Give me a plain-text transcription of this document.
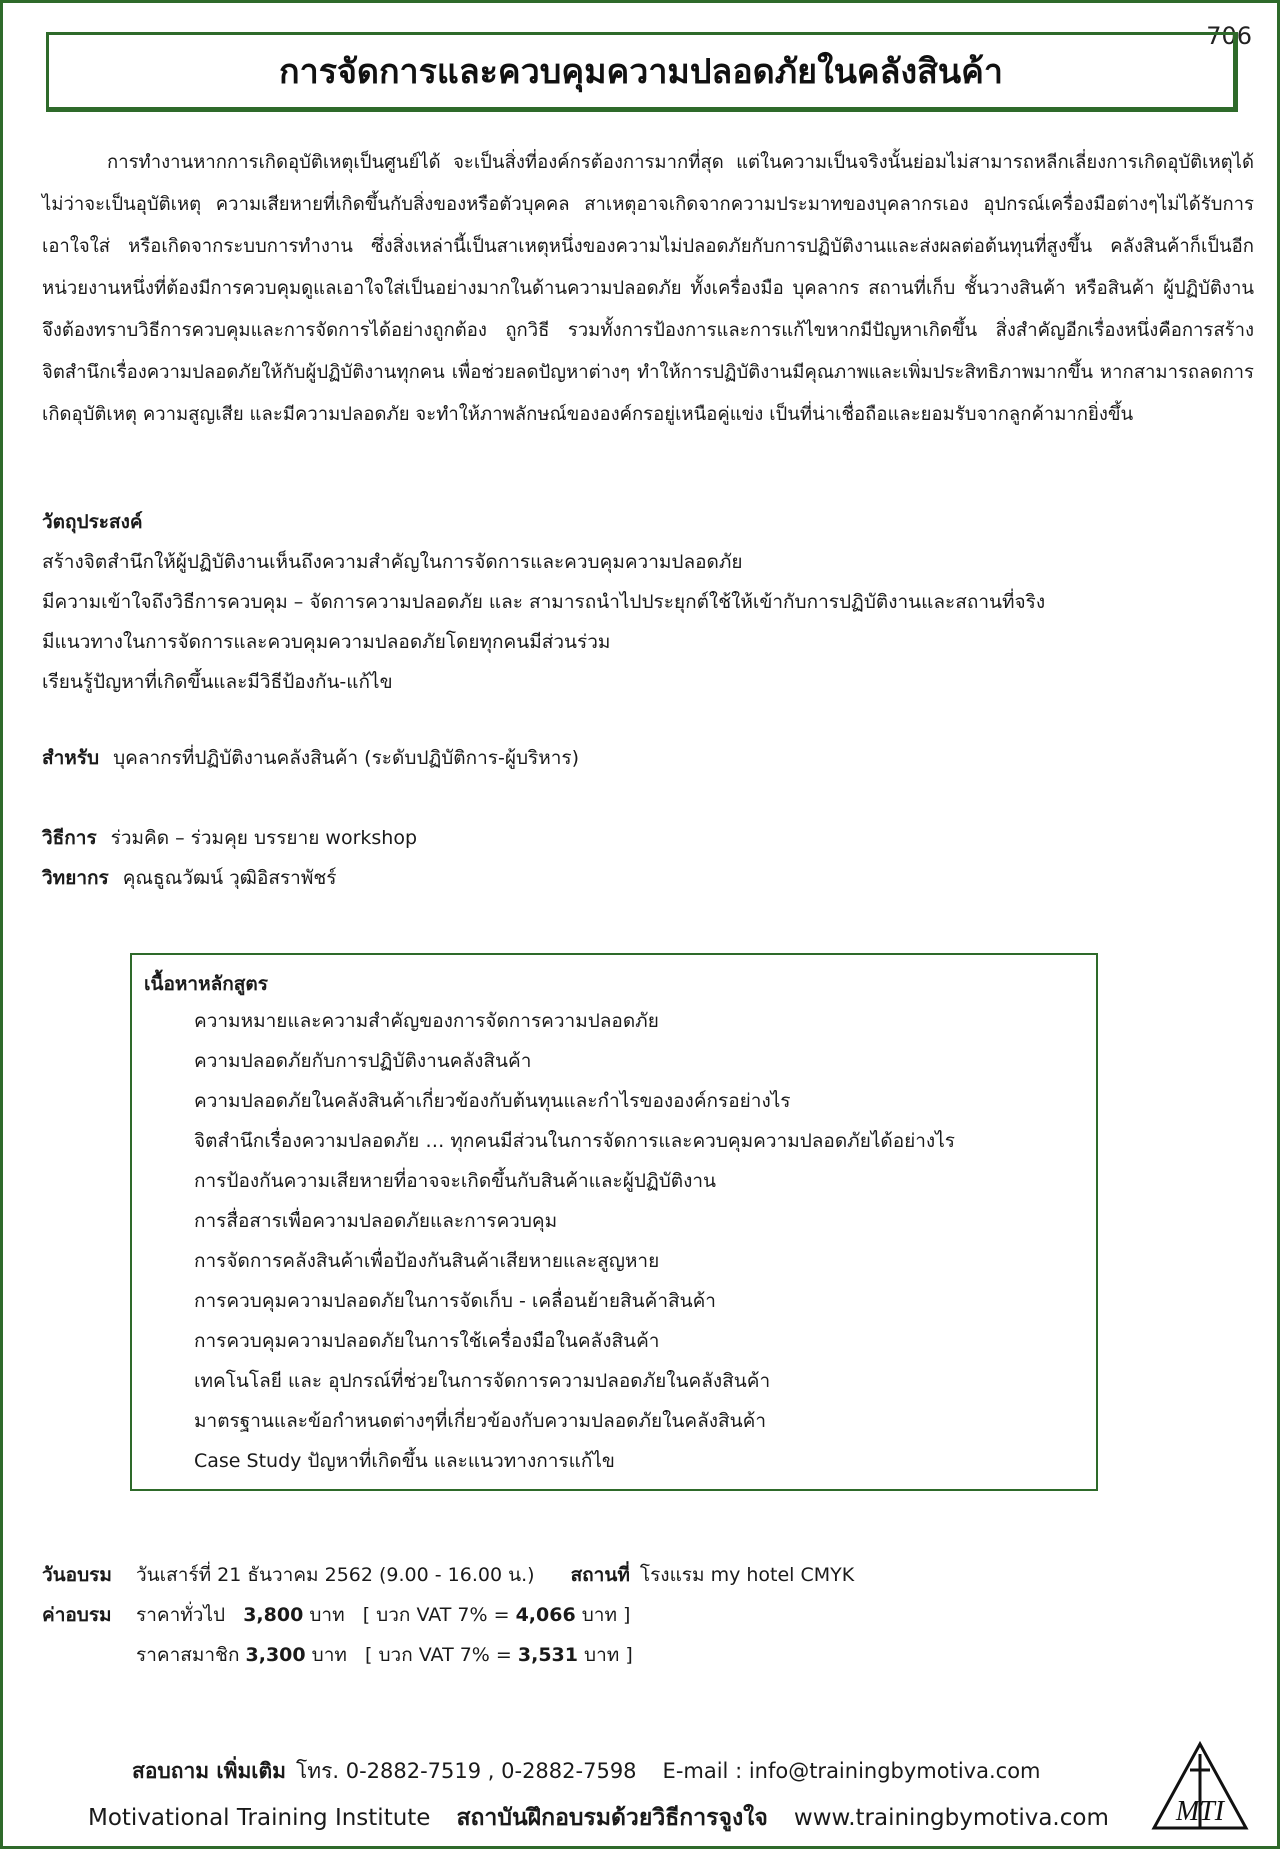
706
การจัดการและควบคุมความปลอดภัยในคลังสินค้า

การทำงานหากการเกิดอุบัติเหตุเป็นศูนย์ได้ จะเป็นสิ่งที่องค์กรต้องการมากที่สุด แต่ในความเป็นจริงนั้นย่อมไม่สามารถหลีกเลี่ยงการเกิดอุบัติเหตุได้ ไม่ว่าจะเป็นอุบัติเหตุ ความเสียหายที่เกิดขึ้นกับสิ่งของหรือตัวบุคคล สาเหตุอาจเกิดจากความประมาทของบุคลากรเอง อุปกรณ์เครื่องมือต่างๆไม่ได้รับการเอาใจใส่ หรือเกิดจากระบบการทำงาน ซึ่งสิ่งเหล่านี้เป็นสาเหตุหนึ่งของความไม่ปลอดภัยกับการปฏิบัติงานและส่งผลต่อต้นทุนที่สูงขึ้น คลังสินค้าก็เป็นอีกหน่วยงานหนึ่งที่ต้องมีการควบคุมดูแลเอาใจใส่เป็นอย่างมากในด้านความปลอดภัย ทั้งเครื่องมือ บุคลากร สถานที่เก็บ ชั้นวางสินค้า หรือสินค้า ผู้ปฏิบัติงานจึงต้องทราบวิธีการควบคุมและการจัดการได้อย่างถูกต้อง ถูกวิธี รวมทั้งการป้องการและการแก้ไขหากมีปัญหาเกิดขึ้น สิ่งสำคัญอีกเรื่องหนึ่งคือการสร้างจิตสำนึกเรื่องความปลอดภัยให้กับผู้ปฏิบัติงานทุกคน เพื่อช่วยลดปัญหาต่างๆ ทำให้การปฏิบัติงานมีคุณภาพและเพิ่มประสิทธิภาพมากขึ้น หากสามารถลดการเกิดอุบัติเหตุ ความสูญเสีย และมีความปลอดภัย จะทำให้ภาพลักษณ์ขององค์กรอยู่เหนือคู่แข่ง เป็นที่น่าเชื่อถือและยอมรับจากลูกค้ามากยิ่งขึ้น

วัตถุประสงค์
สร้างจิตสำนึกให้ผู้ปฏิบัติงานเห็นถึงความสำคัญในการจัดการและควบคุมความปลอดภัย
มีความเข้าใจถึงวิธีการควบคุม – จัดการความปลอดภัย และ สามารถนำไปประยุกต์ใช้ให้เข้ากับการปฏิบัติงานและสถานที่จริง
มีแนวทางในการจัดการและควบคุมความปลอดภัยโดยทุกคนมีส่วนร่วม
เรียนรู้ปัญหาที่เกิดขึ้นและมีวิธีป้องกัน-แก้ไข
สำหรับ บุคลากรที่ปฏิบัติงานคลังสินค้า (ระดับปฏิบัติการ-ผู้บริหาร)
วิธีการ ร่วมคิด – ร่วมคุย บรรยาย workshop
วิทยากร คุณธูณวัฒน์ วุฒิอิสราพัชร์
เนื้อหาหลักสูตร
ความหมายและความสำคัญของการจัดการความปลอดภัย
ความปลอดภัยกับการปฏิบัติงานคลังสินค้า
ความปลอดภัยในคลังสินค้าเกี่ยวข้องกับต้นทุนและกำไรขององค์กรอย่างไร
จิตสำนึกเรื่องความปลอดภัย … ทุกคนมีส่วนในการจัดการและควบคุมความปลอดภัยได้อย่างไร
การป้องกันความเสียหายที่อาจจะเกิดขึ้นกับสินค้าและผู้ปฏิบัติงาน
การสื่อสารเพื่อความปลอดภัยและการควบคุม
การจัดการคลังสินค้าเพื่อป้องกันสินค้าเสียหายและสูญหาย
การควบคุมความปลอดภัยในการจัดเก็บ - เคลื่อนย้ายสินค้าสินค้า
การควบคุมความปลอดภัยในการใช้เครื่องมือในคลังสินค้า
เทคโนโลยี และ อุปกรณ์ที่ช่วยในการจัดการความปลอดภัยในคลังสินค้า
มาตรฐานและข้อกำหนดต่างๆที่เกี่ยวข้องกับความปลอดภัยในคลังสินค้า
Case Study ปัญหาที่เกิดขึ้น และแนวทางการแก้ไข
วันอบรม วันเสาร์ที่ 21 ธันวาคม 2562 (9.00 - 16.00 น.) สถานที่ โรงแรม my hotel CMYK
ค่าอบรม ราคาทั่วไป 3,800 บาท [ บวก VAT 7% = 4,066 บาท ]
ราคาสมาชิก 3,300 บาท [ บวก VAT 7% = 3,531 บาท ]
สอบถาม เพิ่มเติม โทร. 0-2882-7519 , 0-2882-7598 E-mail : info@trainingbymotiva.com
Motivational Training Institute สถาบันฝึกอบรมด้วยวิธีการจูงใจ www.trainingbymotiva.com MTI
